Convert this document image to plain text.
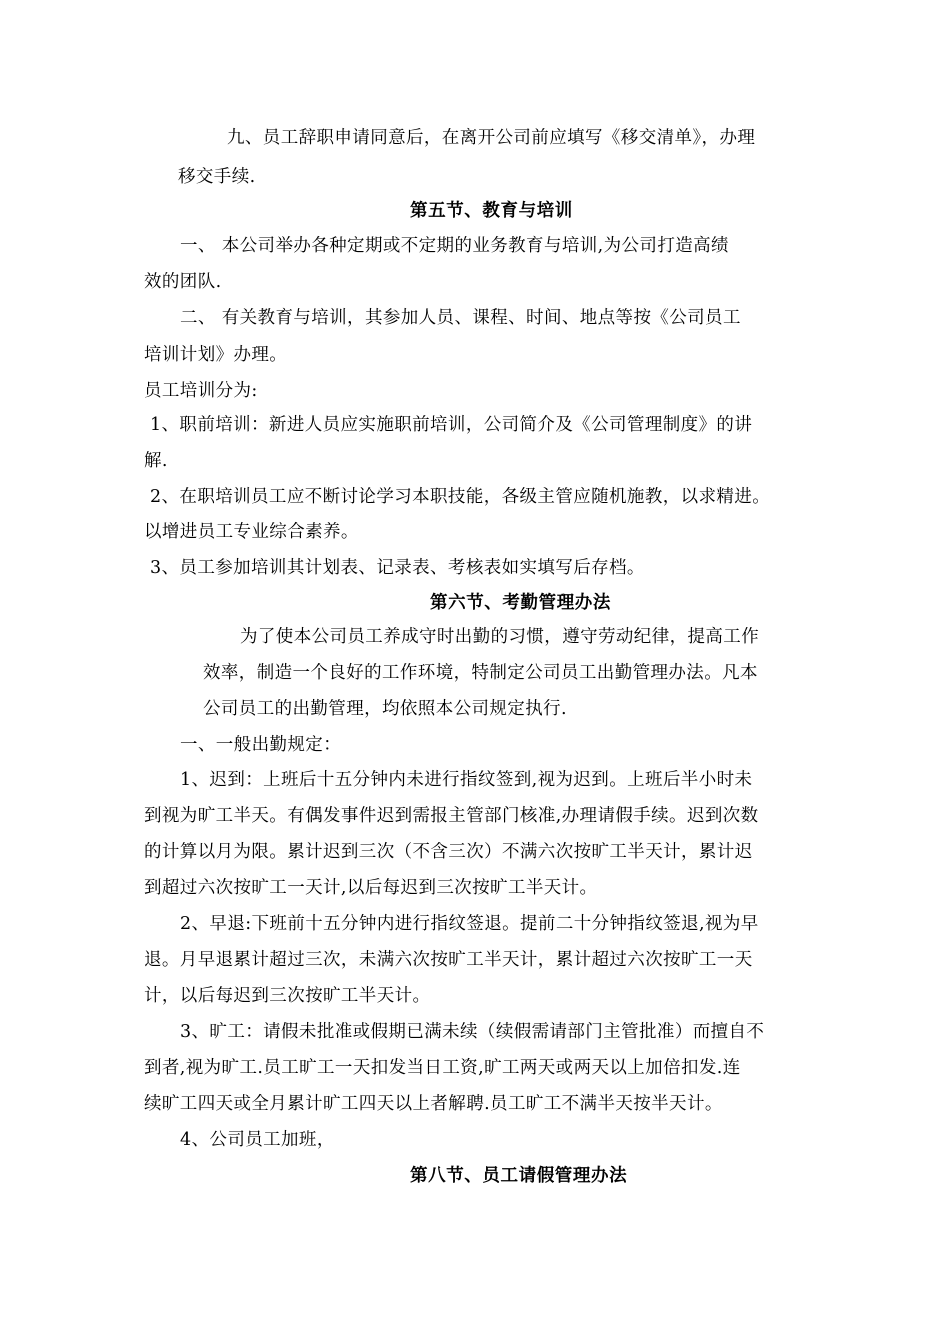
九、员工辞职申请同意后，在离开公司前应填写《移交清单》，办理
移交手续.
第五节、教育与培训
一、 本公司举办各种定期或不定期的业务教育与培训,为公司打造高绩
效的团队.
二、 有关教育与培训，其参加人员、课程、时间、地点等按《公司员工
培训计划》办理。
员工培训分为:
1、职前培训：新进人员应实施职前培训，公司简介及《公司管理制度》的讲
解.
2、在职培训员工应不断讨论学习本职技能，各级主管应随机施教，以求精进。
以增进员工专业综合素养。
3、员工参加培训其计划表、记录表、考核表如实填写后存档。
第六节、考勤管理办法
为了使本公司员工养成守时出勤的习惯，遵守劳动纪律，提高工作
效率，制造一个良好的工作环境，特制定公司员工出勤管理办法。凡本
公司员工的出勤管理，均依照本公司规定执行.
一、一般出勤规定：
1、迟到：上班后十五分钟内未进行指纹签到,视为迟到。上班后半小时未
到视为旷工半天。有偶发事件迟到需报主管部门核准,办理请假手续。迟到次数
的计算以月为限。累计迟到三次（不含三次）不满六次按旷工半天计，累计迟
到超过六次按旷工一天计,以后每迟到三次按旷工半天计。
2、早退:下班前十五分钟内进行指纹签退。提前二十分钟指纹签退,视为早
退。月早退累计超过三次，未满六次按旷工半天计，累计超过六次按旷工一天
计，以后每迟到三次按旷工半天计。
3、旷工：请假未批准或假期已满未续（续假需请部门主管批准）而擅自不
到者,视为旷工.员工旷工一天扣发当日工资,旷工两天或两天以上加倍扣发.连
续旷工四天或全月累计旷工四天以上者解聘.员工旷工不满半天按半天计。
4、公司员工加班，
第八节、员工请假管理办法
